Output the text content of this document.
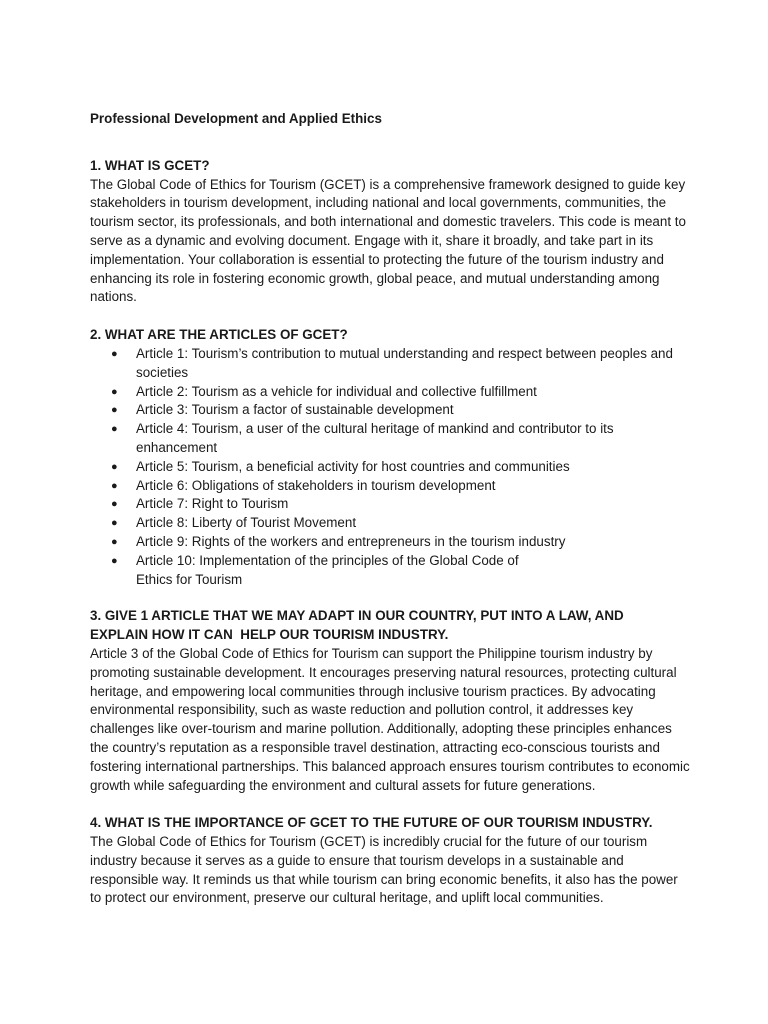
Professional Development and Applied Ethics

1. WHAT IS GCET?

The Global Code of Ethics for Tourism (GCET) is a comprehensive framework designed to guide key stakeholders in tourism development, including national and local governments, communities, the tourism sector, its professionals, and both international and domestic travelers. This code is meant to serve as a dynamic and evolving document. Engage with it, share it broadly, and take part in its implementation. Your collaboration is essential to protecting the future of the tourism industry and enhancing its role in fostering economic growth, global peace, and mutual understanding among nations.

2. WHAT ARE THE ARTICLES OF GCET?

● Article 1: Tourism’s contribution to mutual understanding and respect between peoples and societies
● Article 2: Tourism as a vehicle for individual and collective fulfillment
● Article 3: Tourism a factor of sustainable development
● Article 4: Tourism, a user of the cultural heritage of mankind and contributor to its enhancement
● Article 5: Tourism, a beneficial activity for host countries and communities
● Article 6: Obligations of stakeholders in tourism development
● Article 7: Right to Tourism
● Article 8: Liberty of Tourist Movement
● Article 9: Rights of the workers and entrepreneurs in the tourism industry
● Article 10: Implementation of the principles of the Global Code of Ethics for Tourism

3. GIVE 1 ARTICLE THAT WE MAY ADAPT IN OUR COUNTRY, PUT INTO A LAW, AND

EXPLAIN HOW IT CAN  HELP OUR TOURISM INDUSTRY.

Article 3 of the Global Code of Ethics for Tourism can support the Philippine tourism industry by promoting sustainable development. It encourages preserving natural resources, protecting cultural heritage, and empowering local communities through inclusive tourism practices. By advocating environmental responsibility, such as waste reduction and pollution control, it addresses key challenges like over-tourism and marine pollution. Additionally, adopting these principles enhances the country’s reputation as a responsible travel destination, attracting eco-conscious tourists and fostering international partnerships. This balanced approach ensures tourism contributes to economic growth while safeguarding the environment and cultural assets for future generations.

4. WHAT IS THE IMPORTANCE OF GCET TO THE FUTURE OF OUR TOURISM INDUSTRY.

The Global Code of Ethics for Tourism (GCET) is incredibly crucial for the future of our tourism industry because it serves as a guide to ensure that tourism develops in a sustainable and responsible way. It reminds us that while tourism can bring economic benefits, it also has the power to protect our environment, preserve our cultural heritage, and uplift local communities.
